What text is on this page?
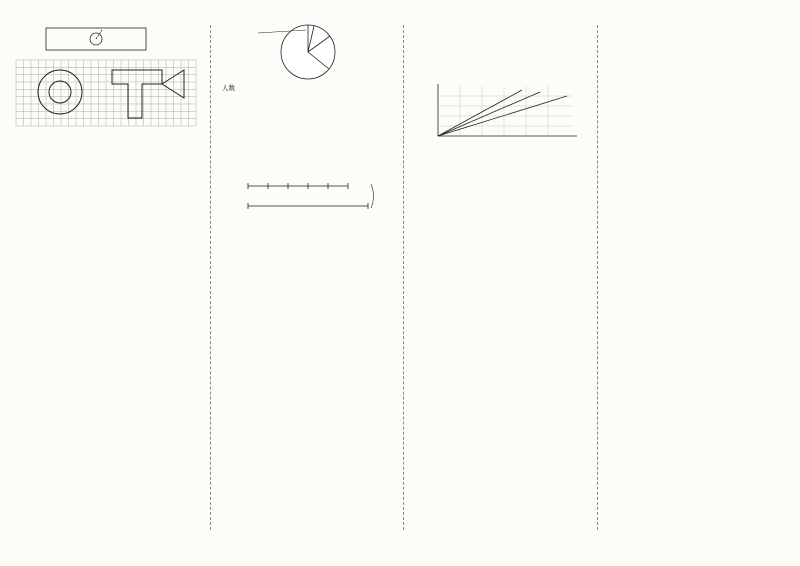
人数
